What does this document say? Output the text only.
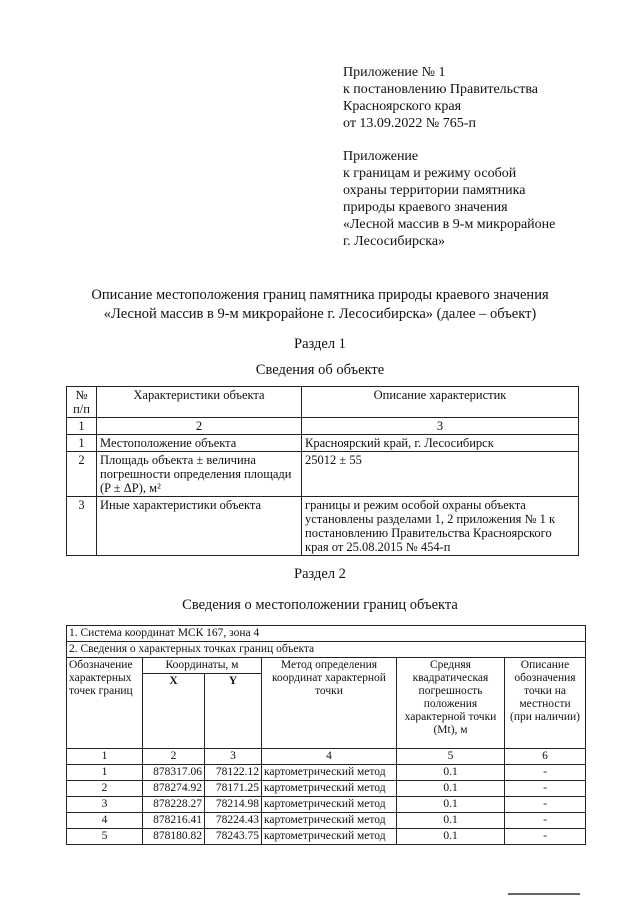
Приложение № 1
к постановлению Правительства
Красноярского края
от 13.09.2022 № 765-п
Приложение
к границам и режиму особой
охраны территории памятника
природы краевого значения
«Лесной массив в 9-м микрорайоне
г. Лесосибирска»
Описание местоположения границ памятника природы краевого значения
«Лесной массив в 9-м микрорайоне г. Лесосибирска» (далее – объект)
Раздел 1
Сведения об объекте
№
п/п	Характеристики объекта	Описание характеристик
1	2	3
1	Местоположение объекта	Красноярский край, г. Лесосибирск
2	Площадь объекта ± величина погрешности определения площади (P ± ΔP), м²	25012 ± 55
3	Иные характеристики объекта	границы и режим особой охраны объекта установлены разделами 1, 2 приложения № 1 к постановлению Правительства Красноярского края от 25.08.2015 № 454-п
Раздел 2
Сведения о местоположении границ объекта
1. Система координат МСК 167, зона 4					
2. Сведения о характерных точках границ объекта					
Обозначение характерных точек границ	Координаты, м		Метод определения координат характерной точки	Средняя квадратическая погрешность положения характерной точки (Mt), м	Описание обозначения точки на местности (при наличии)
	X	Y			
1	2	3	4	5	6
1	878317.06	78122.12	картометрический метод	0.1	-
2	878274.92	78171.25	картометрический метод	0.1	-
3	878228.27	78214.98	картометрический метод	0.1	-
4	878216.41	78224.43	картометрический метод	0.1	-
5	878180.82	78243.75	картометрический метод	0.1	-
